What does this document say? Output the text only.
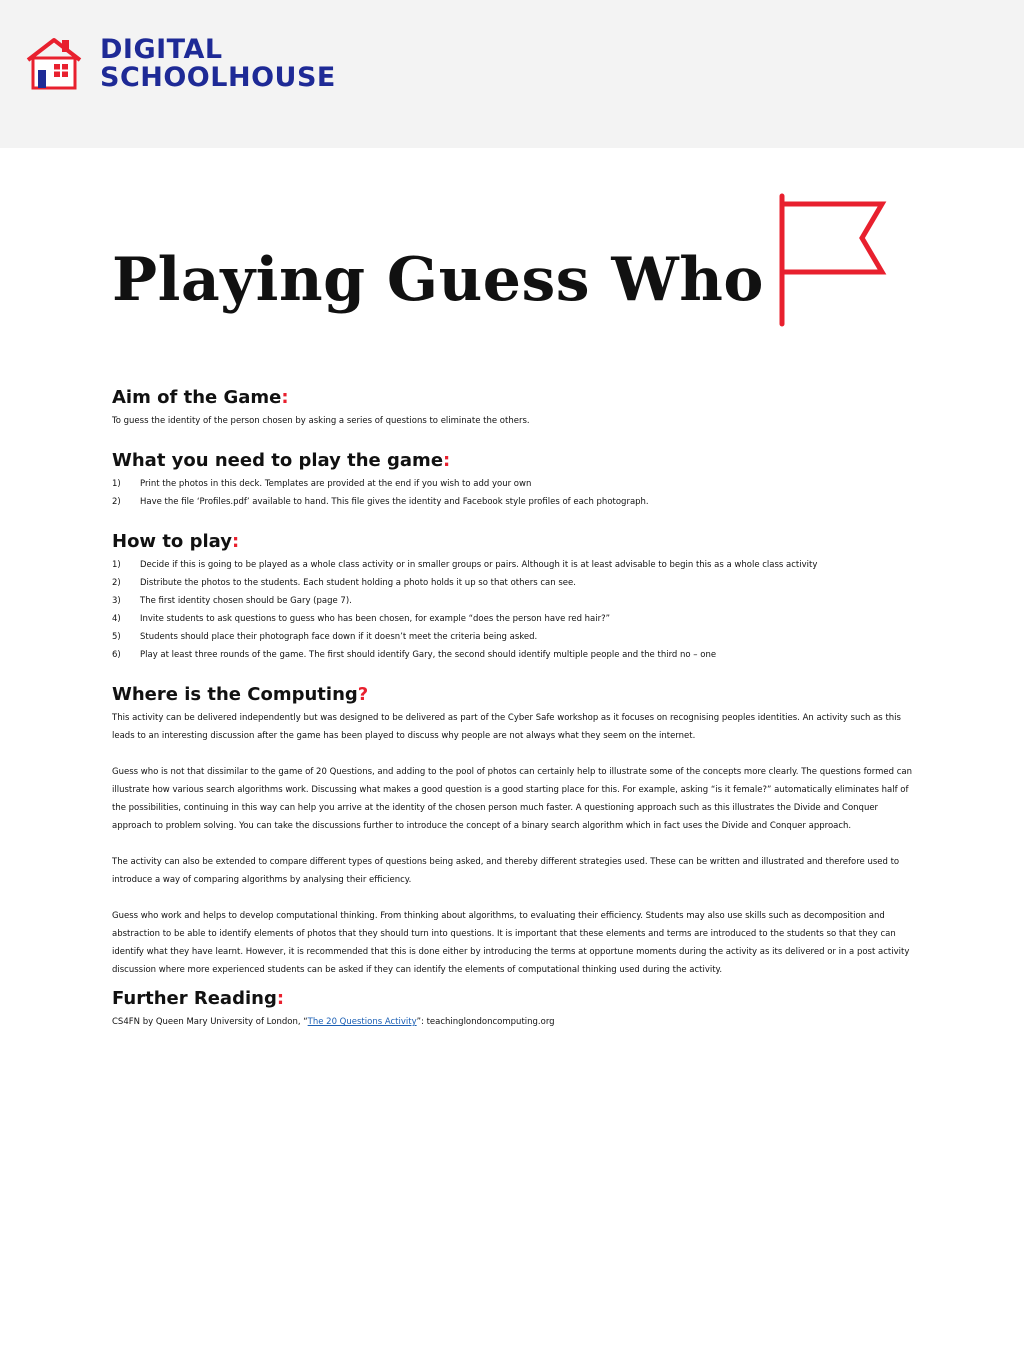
DIGITAL
SCHOOLHOUSE
Playing Guess Who
Aim of the Game:

To guess the identity of the person chosen by asking a series of questions to eliminate the others.

What you need to play the game:
1)	Print the photos in this deck. Templates are provided at the end if you wish to add your own
2)	Have the file ‘Profiles.pdf’ available to hand. This file gives the identity and Facebook style profiles of each photograph.
How to play:
1)	Decide if this is going to be played as a whole class activity or in smaller groups or pairs. Although it is at least advisable to begin this as a whole class activity
2)	Distribute the photos to the students. Each student holding a photo holds it up so that others can see.
3)	The first identity chosen should be Gary (page 7).
4)	Invite students to ask questions to guess who has been chosen, for example “does the person have red hair?”
5)	Students should place their photograph face down if it doesn’t meet the criteria being asked.
6)	Play at least three rounds of the game. The first should identify Gary, the second should identify multiple people and the third no – one
Where is the Computing?

This activity can be delivered independently but was designed to be delivered as part of the Cyber Safe workshop as it focuses on recognising peoples identities. An activity such as this leads to an interesting discussion after the game has been played to discuss why people are not always what they seem on the internet.

Guess who is not that dissimilar to the game of 20 Questions, and adding to the pool of photos can certainly help to illustrate some of the concepts more clearly. The questions formed can illustrate how various search algorithms work. Discussing what makes a good question is a good starting place for this. For example, asking “is it female?” automatically eliminates half of the possibilities, continuing in this way can help you arrive at the identity of the chosen person much faster. A questioning approach such as this illustrates the Divide and Conquer approach to problem solving. You can take the discussions further to introduce the concept of a binary search algorithm which in fact uses the Divide and Conquer approach.

The activity can also be extended to compare different types of questions being asked, and thereby different strategies used. These can be written and illustrated and therefore used to introduce a way of comparing algorithms by analysing their efficiency.

Guess who work and helps to develop computational thinking. From thinking about algorithms, to evaluating their efficiency. Students may also use skills such as decomposition and abstraction to be able to identify elements of photos that they should turn into questions. It is important that these elements and terms are introduced to the students so that they can identify what they have learnt. However, it is recommended that this is done either by introducing the terms at opportune moments during the activity as its delivered or in a post activity discussion where more experienced students can be asked if they can identify the elements of computational thinking used during the activity.

Further Reading:

CS4FN by Queen Mary University of London, “The 20 Questions Activity”: teachinglondoncomputing.org
